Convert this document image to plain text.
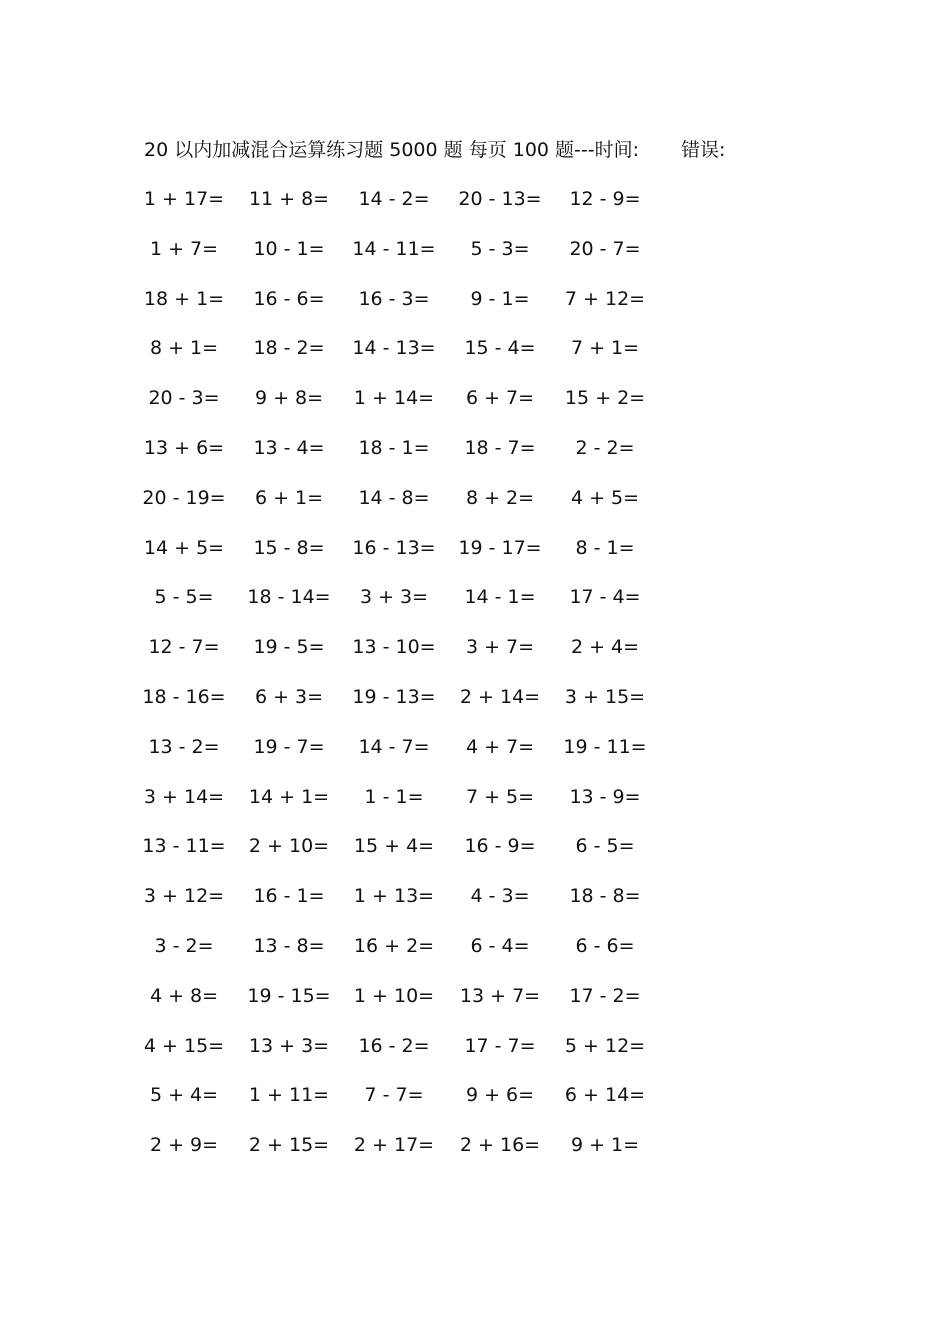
20 以内加减混合运算练习题 5000 题 每页 100 题---时间: 错误:
1 + 17= 11 + 8= 14 - 2= 20 - 13= 12 - 9=
1 + 7= 10 - 1= 14 - 11= 5 - 3= 20 - 7=
18 + 1= 16 - 6= 16 - 3= 9 - 1= 7 + 12=
8 + 1= 18 - 2= 14 - 13= 15 - 4= 7 + 1=
20 - 3= 9 + 8= 1 + 14= 6 + 7= 15 + 2=
13 + 6= 13 - 4= 18 - 1= 18 - 7= 2 - 2=
20 - 19= 6 + 1= 14 - 8= 8 + 2= 4 + 5=
14 + 5= 15 - 8= 16 - 13= 19 - 17= 8 - 1=
5 - 5= 18 - 14= 3 + 3= 14 - 1= 17 - 4=
12 - 7= 19 - 5= 13 - 10= 3 + 7= 2 + 4=
18 - 16= 6 + 3= 19 - 13= 2 + 14= 3 + 15=
13 - 2= 19 - 7= 14 - 7= 4 + 7= 19 - 11=
3 + 14= 14 + 1= 1 - 1= 7 + 5= 13 - 9=
13 - 11= 2 + 10= 15 + 4= 16 - 9= 6 - 5=
3 + 12= 16 - 1= 1 + 13= 4 - 3= 18 - 8=
3 - 2= 13 - 8= 16 + 2= 6 - 4= 6 - 6=
4 + 8= 19 - 15= 1 + 10= 13 + 7= 17 - 2=
4 + 15= 13 + 3= 16 - 2= 17 - 7= 5 + 12=
5 + 4= 1 + 11= 7 - 7= 9 + 6= 6 + 14=
2 + 9= 2 + 15= 2 + 17= 2 + 16= 9 + 1=
